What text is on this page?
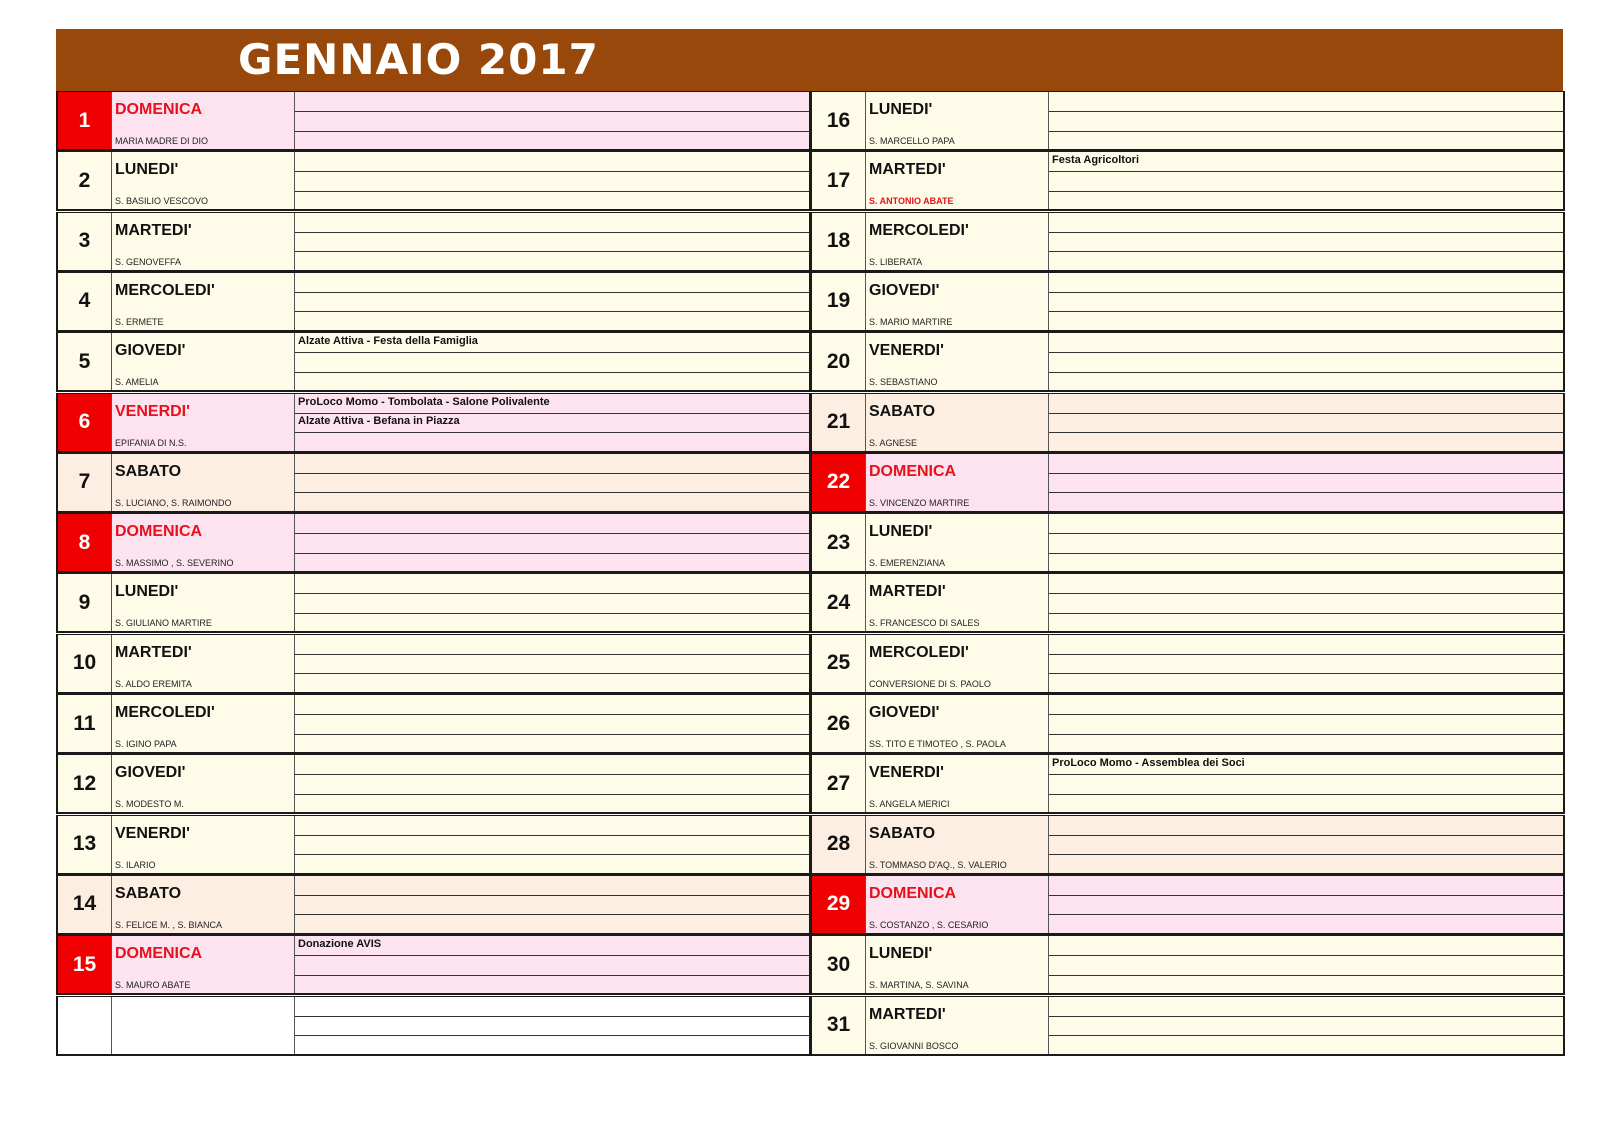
GENNAIO 2017
1	DOMENICA
MARIA MADRE DI DIO
2	LUNEDI'
S. BASILIO VESCOVO
3	MARTEDI'
S. GENOVEFFA
4	MERCOLEDI'
S. ERMETE
5	GIOVEDI'
S. AMELIA
Alzate Attiva - Festa della Famiglia
6	VENERDI'
EPIFANIA DI N.S.
ProLoco Momo - Tombolata - Salone Polivalente
Alzate Attiva - Befana in Piazza
7	SABATO
S. LUCIANO, S. RAIMONDO
8	DOMENICA
S. MASSIMO , S. SEVERINO
9	LUNEDI'
S. GIULIANO MARTIRE
10	MARTEDI'
S. ALDO EREMITA
11	MERCOLEDI'
S. IGINO PAPA
12	GIOVEDI'
S. MODESTO M.
13	VENERDI'
S. ILARIO
14	SABATO
S. FELICE M. , S. BIANCA
15	DOMENICA
S. MAURO ABATE
Donazione AVIS
16	LUNEDI'
S. MARCELLO PAPA
17	MARTEDI'
S. ANTONIO ABATE
Festa Agricoltori
18	MERCOLEDI'
S. LIBERATA
19	GIOVEDI'
S. MARIO MARTIRE
20	VENERDI'
S. SEBASTIANO
21	SABATO
S. AGNESE
22	DOMENICA
S. VINCENZO MARTIRE
23	LUNEDI'
S. EMERENZIANA
24	MARTEDI'
S. FRANCESCO DI SALES
25	MERCOLEDI'
CONVERSIONE DI S. PAOLO
26	GIOVEDI'
SS. TITO E TIMOTEO , S. PAOLA
27	VENERDI'
S. ANGELA MERICI
ProLoco Momo - Assemblea dei Soci
28	SABATO
S. TOMMASO D'AQ., S. VALERIO
29	DOMENICA
S. COSTANZO , S. CESARIO
30	LUNEDI'
S. MARTINA, S. SAVINA
31	MARTEDI'
S. GIOVANNI BOSCO
